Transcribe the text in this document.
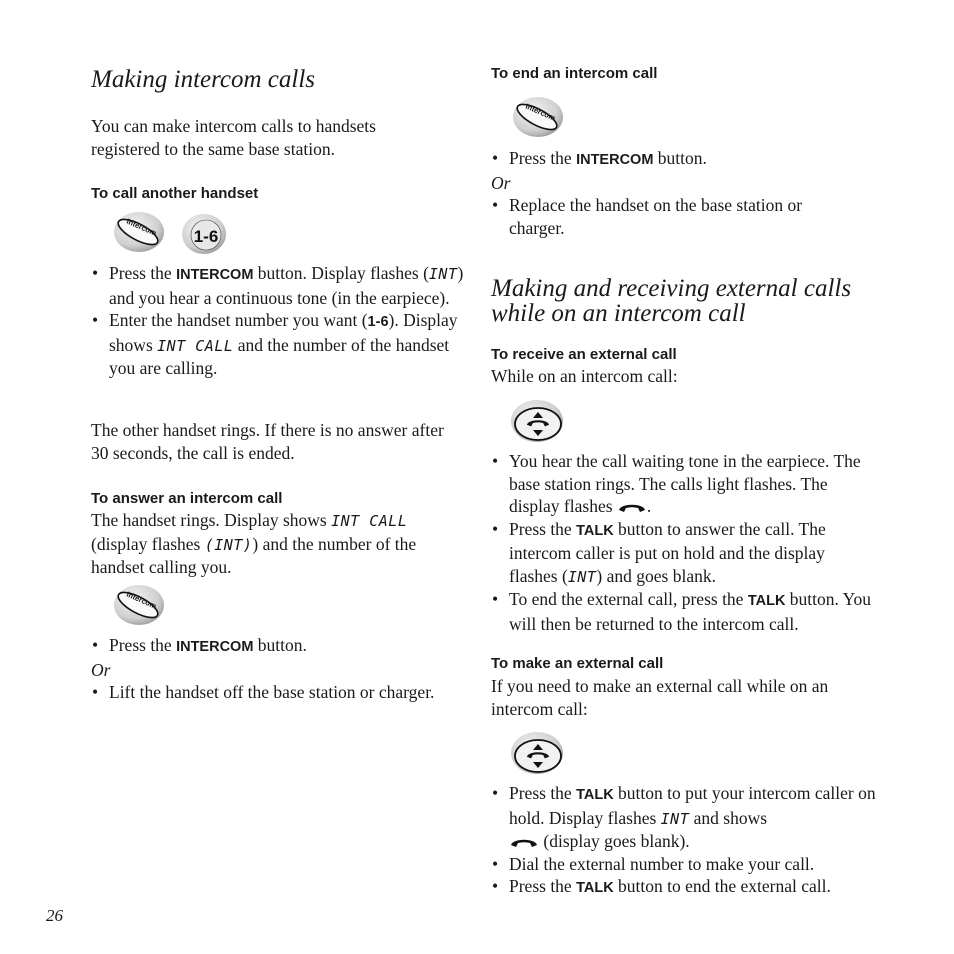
Making intercom calls

You can make intercom calls to handsets registered to the same base station.

To call another handset
Intercom 1-6

• Press the INTERCOM button. Display flashes (INT) and you hear a continuous tone (in the earpiece).

• Enter the handset number you want (1-6). Display shows INT CALL and the number of the handset you are calling.

The other handset rings. If there is no answer after 30 seconds, the call is ended.

To answer an intercom call

The handset rings. Display shows INT CALL (display flashes (INT)) and the number of the handset calling you.

Intercom

• Press the INTERCOM button.

Or

• Lift the handset off the base station or charger.

26
To end an intercom call
Intercom

• Press the INTERCOM button.

Or

• Replace the handset on the base station or charger.

Making and receiving external calls while on an intercom call
To receive an external call

While on an intercom call:

• You hear the call waiting tone in the earpiece. The base station rings. The calls light flashes. The display flashes .

• Press the TALK button to answer the call. The intercom caller is put on hold and the display flashes (INT) and goes blank.

• To end the external call, press the TALK button. You will then be returned to the intercom call.

To make an external call

If you need to make an external call while on an intercom call:

• Press the TALK button to put your intercom caller on hold. Display flashes INT and shows

(display goes blank).

• Dial the external number to make your call.

• Press the TALK button to end the external call.
